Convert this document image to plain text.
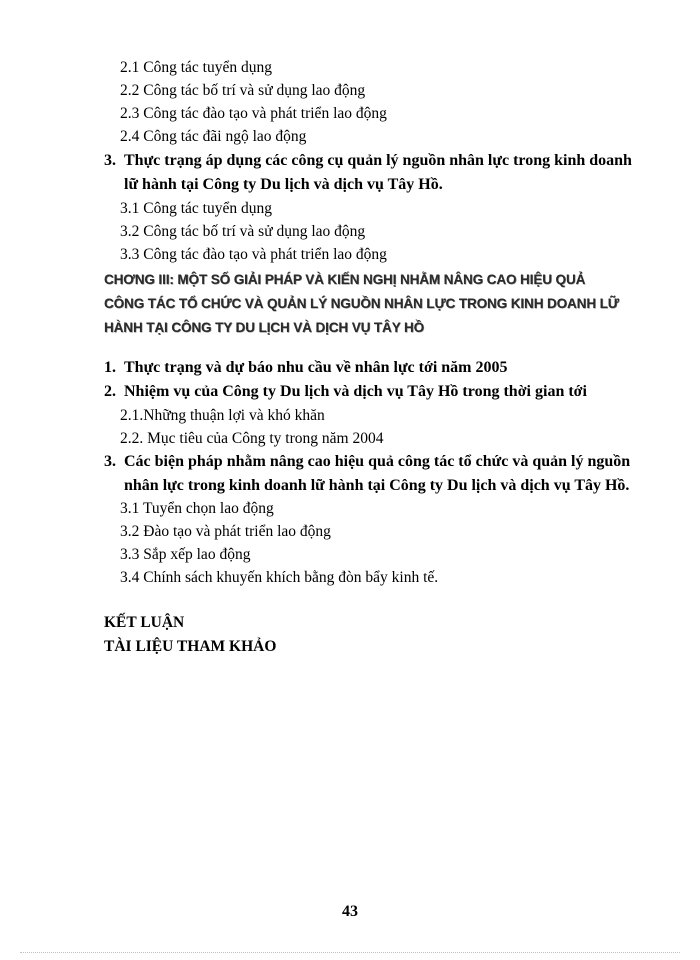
2.1 Công tác tuyển dụng
2.2 Công tác bố trí và sử dụng lao động
2.3 Công tác đào tạo và phát triển lao động
2.4 Công tác đãi ngộ lao động
3. Thực trạng áp dụng các công cụ quản lý nguồn nhân lực trong kinh doanh
lữ hành tại Công ty Du lịch và dịch vụ Tây Hồ.
3.1 Công tác tuyển dụng
3.2 Công tác bố trí và sử dụng lao động
3.3 Công tác đào tạo và phát triển lao động
CHƠNG III: MỘT SỐ GIẢI PHÁP VÀ KIẾN NGHỊ NHẰM NÂNG CAO HIỆU QUẢ
CÔNG TÁC TỔ CHỨC VÀ QUẢN LÝ NGUỒN NHÂN LỰC TRONG KINH DOANH LỮ
HÀNH TẠI CÔNG TY DU LỊCH VÀ DỊCH VỤ TÂY HỒ
1. Thực trạng và dự báo nhu cầu về nhân lực tới năm 2005
2. Nhiệm vụ của Công ty Du lịch và dịch vụ Tây Hồ trong thời gian tới
2.1.Những thuận lợi và khó khăn
2.2. Mục tiêu của Công ty trong năm 2004
3. Các biện pháp nhằm nâng cao hiệu quả công tác tổ chức và quản lý nguồn
nhân lực trong kinh doanh lữ hành tại Công ty Du lịch và dịch vụ Tây Hồ.
3.1 Tuyển chọn lao động
3.2 Đào tạo và phát triển lao động
3.3 Sắp xếp lao động
3.4 Chính sách khuyến khích bằng đòn bẩy kinh tế.
KẾT LUẬN
TÀI LIỆU THAM KHẢO
43
